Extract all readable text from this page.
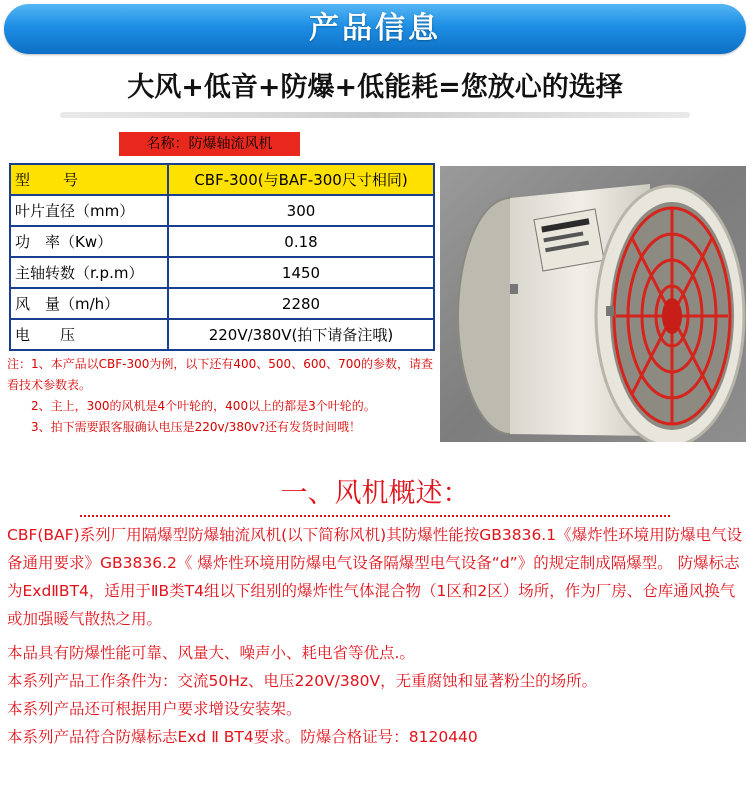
产品信息
大风+低音+防爆+低能耗=您放心的选择
名称：防爆轴流风机
型　　号	CBF-300(与BAF-300尺寸相同)
叶片直径（mm）	300
功　率（Kw）	0.18
主轴转数（r.p.m）	1450
风　量（m/h）	2280
电　　压	220V/380V(拍下请备注哦)
注：1、本产品以CBF-300为例，以下还有400、500、600、700的参数，请查看技术参数表。
2、主上，300的风机是4个叶轮的，400以上的都是3个叶轮的。
3、拍下需要跟客服确认电压是220v/380v?还有发货时间哦！
一、风机概述：

CBF(BAF)系列厂用隔爆型防爆轴流风机(以下简称风机)其防爆性能按GB3836.1《爆炸性环境用防爆电气设备通用要求》GB3836.2《 爆炸性环境用防爆电气设备隔爆型电气设备“d”》的规定制成隔爆型。 防爆标志为ExdⅡBT4，适用于ⅡB类T4组以下组别的爆炸性气体混合物（1区和2区）场所，作为厂房、仓库通风换气或加强暖气散热之用。

本品具有防爆性能可靠、风量大、噪声小、耗电省等优点.。

本系列产品工作条件为：交流50Hz、电压220V/380V，无重腐蚀和显著粉尘的场所。

本系列产品还可根据用户要求增设安装架。

本系列产品符合防爆标志Exd Ⅱ BT4要求。防爆合格证号：8120440
